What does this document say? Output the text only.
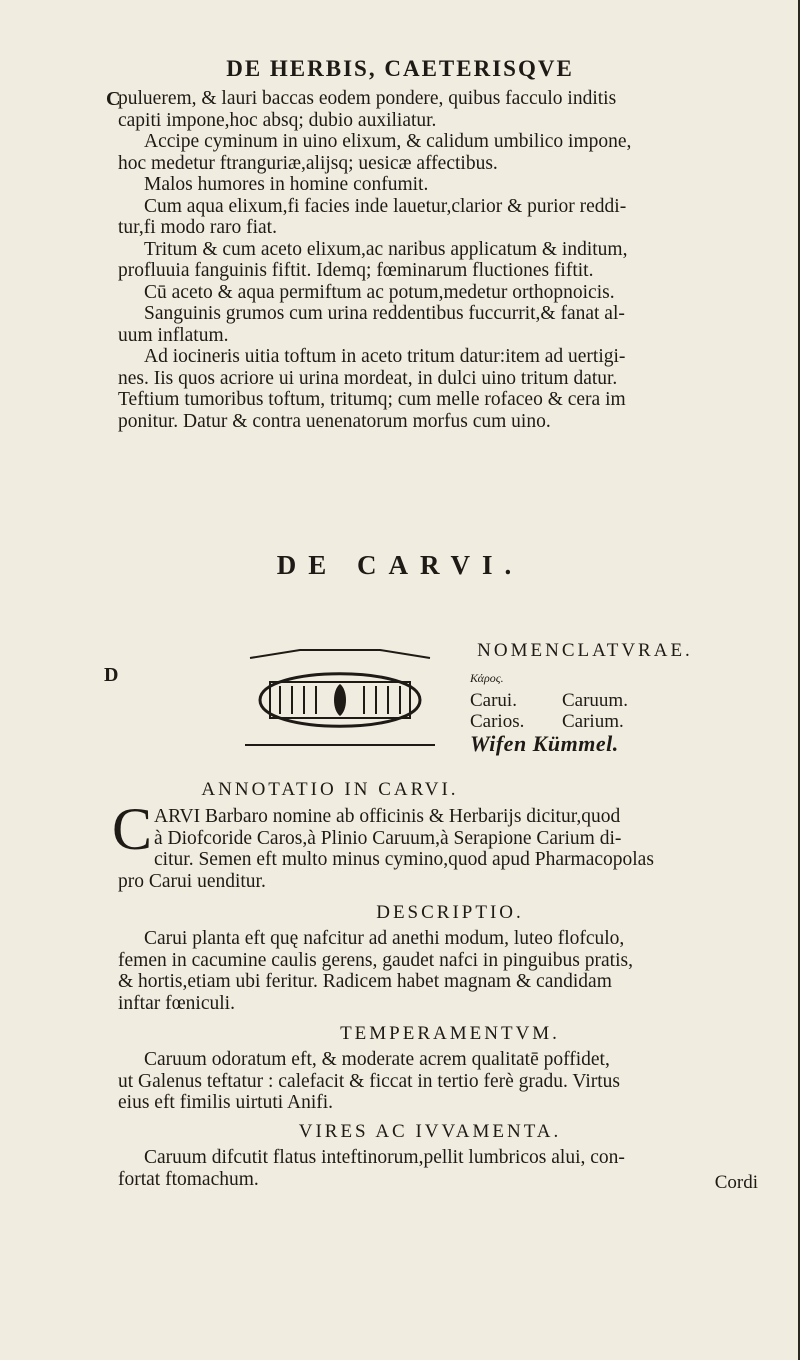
DE HERBIS, CAETERISQVE
C

puluerem, & lauri baccas eodem pondere, quibus facculo inditis

capiti impone,hoc absq; dubio auxiliatur.

Accipe cyminum in uino elixum, & calidum umbilico impone,

hoc medetur ftranguriæ,alijsq; uesicæ affectibus.

Malos humores in homine confumit.

Cum aqua elixum,fi facies inde lauetur,clarior & purior reddi-

tur,fi modo raro fiat.

Tritum & cum aceto elixum,ac naribus applicatum & inditum,

profluuia fanguinis fiftit. Idemq; fœminarum fluctiones fiftit.

Cū aceto & aqua permiftum ac potum,medetur orthopnoicis.

Sanguinis grumos cum urina reddentibus fuccurrit,& fanat al-

uum inflatum.

Ad iocineris uitia toftum in aceto tritum datur:item ad uertigi-

nes. Iis quos acriore ui urina mordeat, in dulci uino tritum datur.

Teftium tumoribus toftum, tritumq; cum melle rofaceo & cera im

ponitur. Datur & contra uenenatorum morfus cum uino.

DE CARVI.
NOMENCLATVRAE.
D	Κάρος.
Carui. Caruum.
Carios. Carium.
Wifen Kümmel.
ANNOTATIO IN CARVI.
C ARVI Barbaro nomine ab officinis & Herbarijs dicitur,quod

à Diofcoride Caros,à Plinio Caruum,à Serapione Carium di-

citur. Semen eft multo minus cymino,quod apud Pharmacopolas

pro Carui uenditur.

DESCRIPTIO.

Carui planta eft quę nafcitur ad anethi modum, luteo flofculo,

femen in cacumine caulis gerens, gaudet nafci in pinguibus pratis,

& hortis,etiam ubi feritur. Radicem habet magnam & candidam

inftar fœniculi.

TEMPERAMENTVM.

Caruum odoratum eft, & moderate acrem qualitatē poffidet,

ut Galenus teftatur : calefacit & ficcat in tertio ferè gradu. Virtus

eius eft fimilis uirtuti Anifi.

VIRES AC IVVAMENTA.

Caruum difcutit flatus inteftinorum,pellit lumbricos alui, con-

fortat ftomachum.	Cordi
